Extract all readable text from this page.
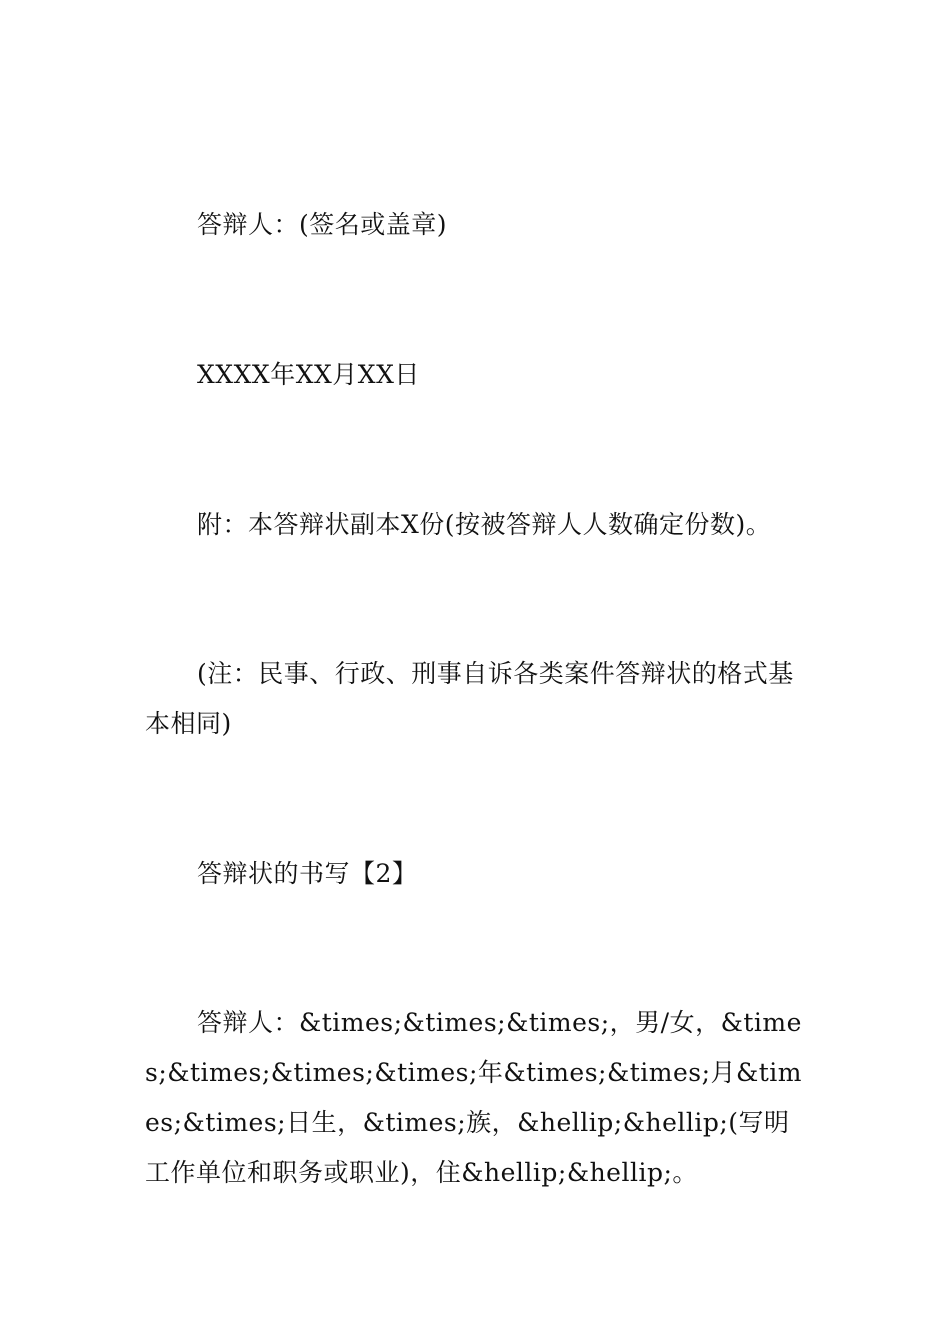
答辩人：(签名或盖章)

XXXX年XX月XX日

附：本答辩状副本X份(按被答辩人人数确定份数)。

(注：民事、行政、刑事自诉各类案件答辩状的格式基本相同)

答辩状的书写【2】

答辩人：&times;&times;&times;，男/女，&times;&times;&times;&times;年&times;&times;月&times;&times;日生，&times;族，&hellip;&hellip;(写明工作单位和职务或职业)，住&hellip;&hellip;。
